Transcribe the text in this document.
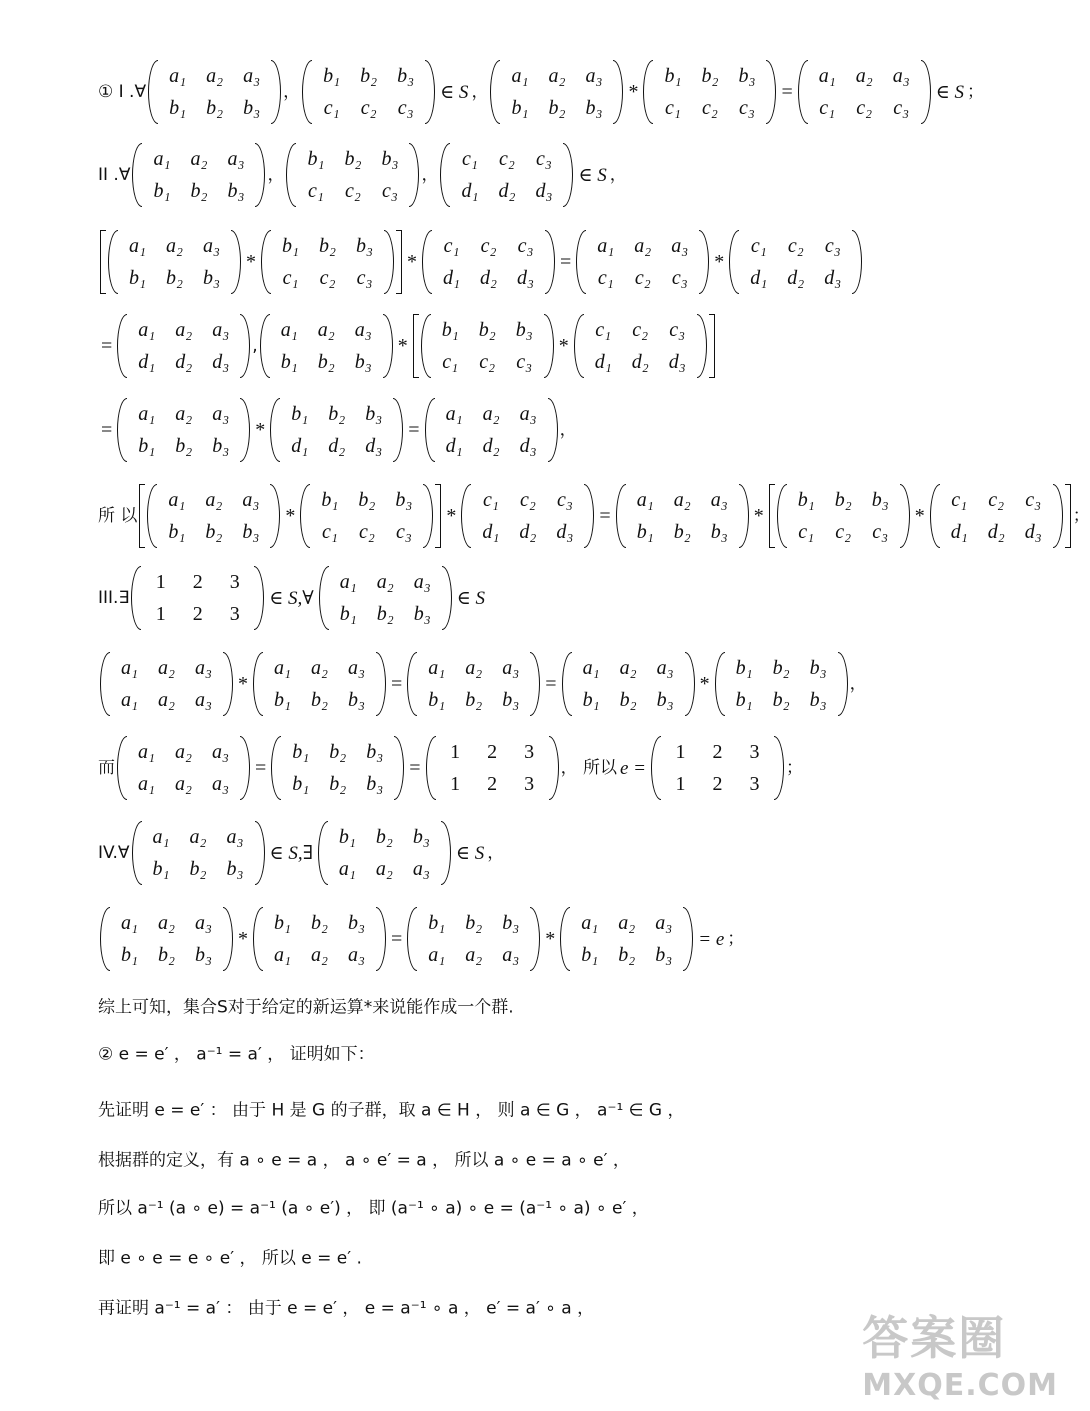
① I .∀
a₁ a₂ a₃
b₁ b₂ b₃
，
b₁ b₂ b₃
c₁ c₂ c₃
∈ S ，
a₁ a₂ a₃
b₁ b₂ b₃
*
b₁ b₂ b₃
c₁ c₂ c₃
=
a₁ a₂ a₃
c₁ c₂ c₃
∈ S ；
II .∀
a₁ a₂ a₃
b₁ b₂ b₃
，
b₁ b₂ b₃
c₁ c₂ c₃
，
c₁ c₂ c₃
d₁ d₂ d₃
∈ S ，
a₁ a₂ a₃
b₁ b₂ b₃
*
b₁ b₂ b₃
c₁ c₂ c₃
*
c₁ c₂ c₃
d₁ d₂ d₃
=
a₁ a₂ a₃
c₁ c₂ c₃
*
c₁ c₂ c₃
d₁ d₂ d₃
=
a₁ a₂ a₃
d₁ d₂ d₃
,
a₁ a₂ a₃
b₁ b₂ b₃
*
b₁ b₂ b₃
c₁ c₂ c₃
*
c₁ c₂ c₃
d₁ d₂ d₃
=
a₁ a₂ a₃
b₁ b₂ b₃
*
b₁ b₂ b₃
d₁ d₂ d₃
=
a₁ a₂ a₃
d₁ d₂ d₃
，
所 以
a₁ a₂ a₃
b₁ b₂ b₃
*
b₁ b₂ b₃
c₁ c₂ c₃
*
c₁ c₂ c₃
d₁ d₂ d₃
=
a₁ a₂ a₃
b₁ b₂ b₃
*
b₁ b₂ b₃
c₁ c₂ c₃
*
c₁ c₂ c₃
d₁ d₂ d₃
；
III.∃
1 2 3
1 2 3
∈ S,∀
a₁ a₂ a₃
b₁ b₂ b₃
∈ S
a₁ a₂ a₃
a₁ a₂ a₃
*
a₁ a₂ a₃
b₁ b₂ b₃
=
a₁ a₂ a₃
b₁ b₂ b₃
=
a₁ a₂ a₃
b₁ b₂ b₃
*
b₁ b₂ b₃
b₁ b₂ b₃
，
而
a₁ a₂ a₃
a₁ a₂ a₃
=
b₁ b₂ b₃
b₁ b₂ b₃
=
1 2 3
1 2 3
， 所以 e =
1 2 3
1 2 3
；
IV.∀
a₁ a₂ a₃
b₁ b₂ b₃
∈ S,∃
b₁ b₂ b₃
a₁ a₂ a₃
∈ S ，
a₁ a₂ a₃
b₁ b₂ b₃
*
b₁ b₂ b₃
a₁ a₂ a₃
=
b₁ b₂ b₃
a₁ a₂ a₃
*
a₁ a₂ a₃
b₁ b₂ b₃
= e ；
综上可知，集合S对于给定的新运算*来说能作成一个群.
② e = e′ ， a⁻¹ = a′ ， 证明如下：
先证明 e = e′ ： 由于 H 是 G 的子群，取 a ∈ H ， 则 a ∈ G ， a⁻¹ ∈ G ，
根据群的定义，有 a ∘ e = a ， a ∘ e′ = a ， 所以 a ∘ e = a ∘ e′ ，
所以 a⁻¹ (a ∘ e) = a⁻¹ (a ∘ e′) ， 即 (a⁻¹ ∘ a) ∘ e = (a⁻¹ ∘ a) ∘ e′ ，
即 e ∘ e = e ∘ e′ ， 所以 e = e′ .
再证明 a⁻¹ = a′ ： 由于 e = e′ ， e = a⁻¹ ∘ a ， e′ = a′ ∘ a ，
答案圈
MXQE.COM
